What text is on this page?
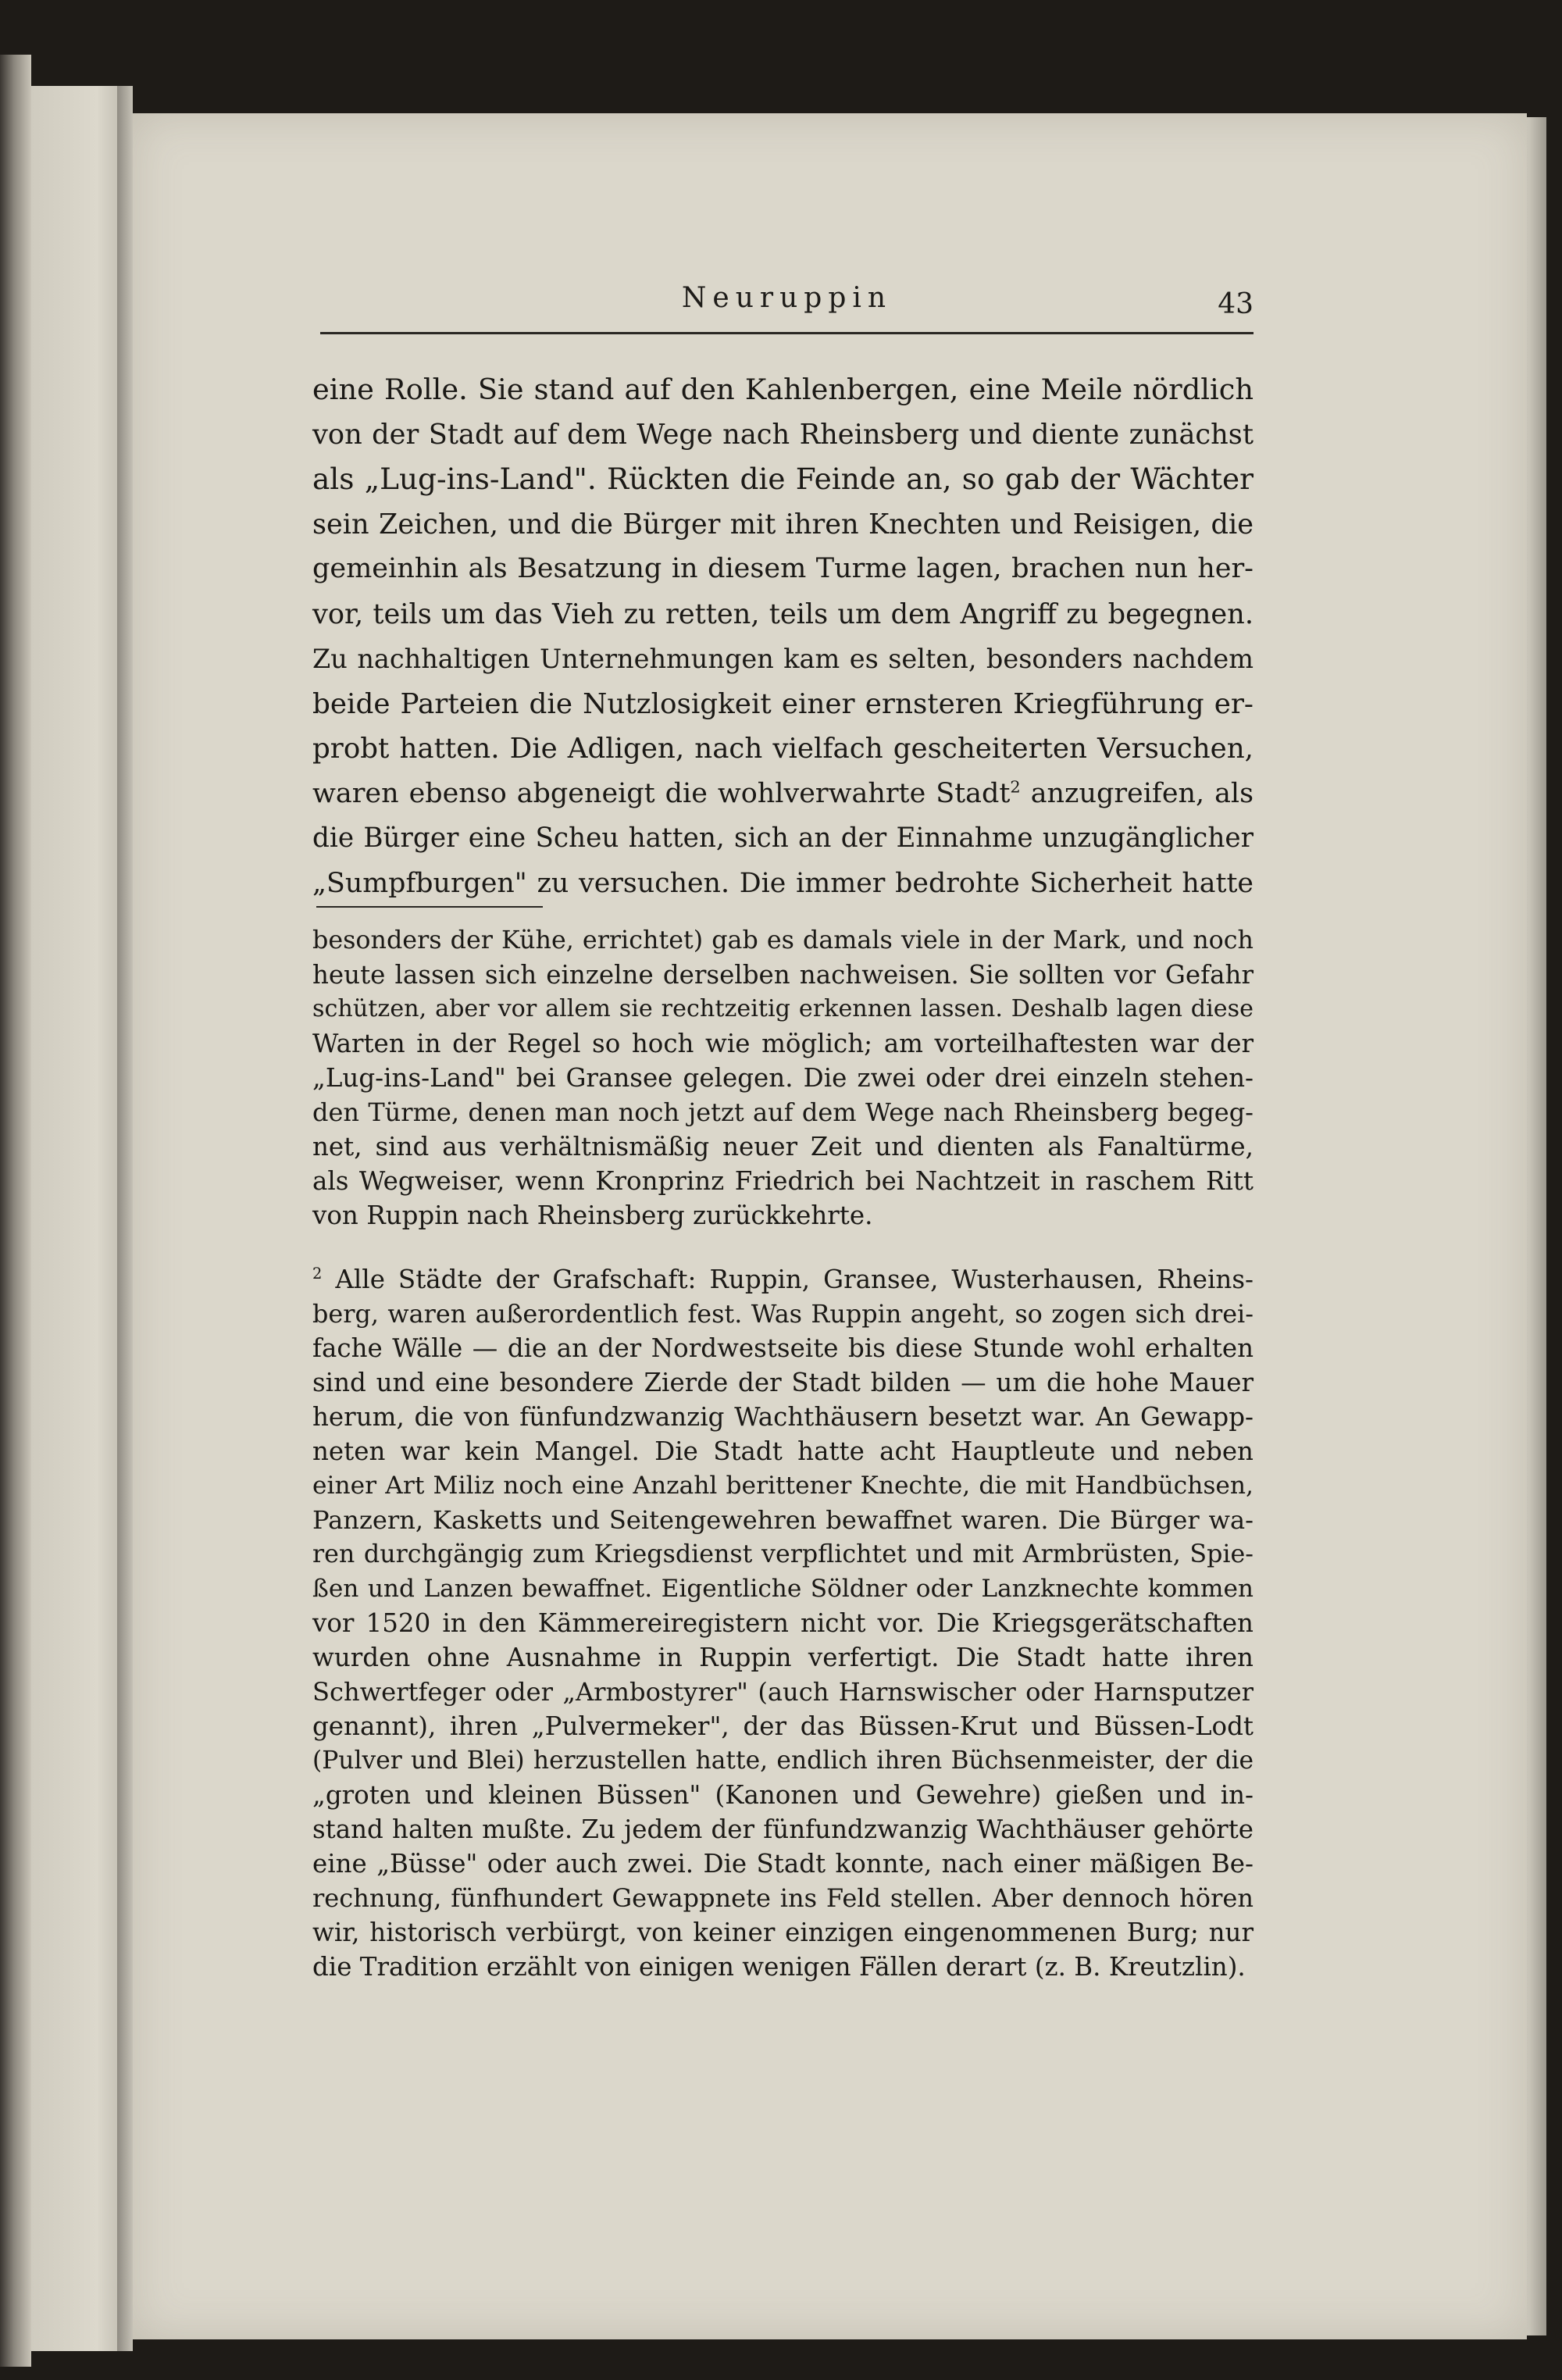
Neuruppin	43
eine Rolle. Sie stand auf den Kahlenbergen, eine Meile nördlich
von der Stadt auf dem Wege nach Rheinsberg und diente zunächst
als „Lug-ins-Land". Rückten die Feinde an, so gab der Wächter
sein Zeichen, und die Bürger mit ihren Knechten und Reisigen, die
gemeinhin als Besatzung in diesem Turme lagen, brachen nun her-
vor, teils um das Vieh zu retten, teils um dem Angriff zu begegnen.
Zu nachhaltigen Unternehmungen kam es selten, besonders nachdem
beide Parteien die Nutzlosigkeit einer ernsteren Kriegführung er-
probt hatten. Die Adligen, nach vielfach gescheiterten Versuchen,
waren ebenso abgeneigt die wohlverwahrte Stadt$^2$ anzugreifen, als
die Bürger eine Scheu hatten, sich an der Einnahme unzugänglicher
„Sumpfburgen" zu versuchen. Die immer bedrohte Sicherheit hatte
besonders der Kühe, errichtet) gab es damals viele in der Mark, und noch
heute lassen sich einzelne derselben nachweisen. Sie sollten vor Gefahr
schützen, aber vor allem sie rechtzeitig erkennen lassen. Deshalb lagen diese
Warten in der Regel so hoch wie möglich; am vorteilhaftesten war der
„Lug-ins-Land" bei Gransee gelegen. Die zwei oder drei einzeln stehen-
den Türme, denen man noch jetzt auf dem Wege nach Rheinsberg begeg-
net, sind aus verhältnismäßig neuer Zeit und dienten als Fanaltürme,
als Wegweiser, wenn Kronprinz Friedrich bei Nachtzeit in raschem Ritt
von Ruppin nach Rheinsberg zurückkehrte.
$^2$ Alle Städte der Grafschaft: Ruppin, Gransee, Wusterhausen, Rheins-
berg, waren außerordentlich fest. Was Ruppin angeht, so zogen sich drei-
fache Wälle — die an der Nordwestseite bis diese Stunde wohl erhalten
sind und eine besondere Zierde der Stadt bilden — um die hohe Mauer
herum, die von fünfundzwanzig Wachthäusern besetzt war. An Gewapp-
neten war kein Mangel. Die Stadt hatte acht Hauptleute und neben
einer Art Miliz noch eine Anzahl berittener Knechte, die mit Handbüchsen,
Panzern, Kasketts und Seitengewehren bewaffnet waren. Die Bürger wa-
ren durchgängig zum Kriegsdienst verpflichtet und mit Armbrüsten, Spie-
ßen und Lanzen bewaffnet. Eigentliche Söldner oder Lanzknechte kommen
vor 1520 in den Kämmereiregistern nicht vor. Die Kriegsgerätschaften
wurden ohne Ausnahme in Ruppin verfertigt. Die Stadt hatte ihren
Schwertfeger oder „Armbostyrer" (auch Harnswischer oder Harnsputzer
genannt), ihren „Pulvermeker", der das Büssen-Krut und Büssen-Lodt
(Pulver und Blei) herzustellen hatte, endlich ihren Büchsenmeister, der die
„groten und kleinen Büssen" (Kanonen und Gewehre) gießen und in-
stand halten mußte. Zu jedem der fünfundzwanzig Wachthäuser gehörte
eine „Büsse" oder auch zwei. Die Stadt konnte, nach einer mäßigen Be-
rechnung, fünfhundert Gewappnete ins Feld stellen. Aber dennoch hören
wir, historisch verbürgt, von keiner einzigen eingenommenen Burg; nur
die Tradition erzählt von einigen wenigen Fällen derart (z. B. Kreutzlin).
